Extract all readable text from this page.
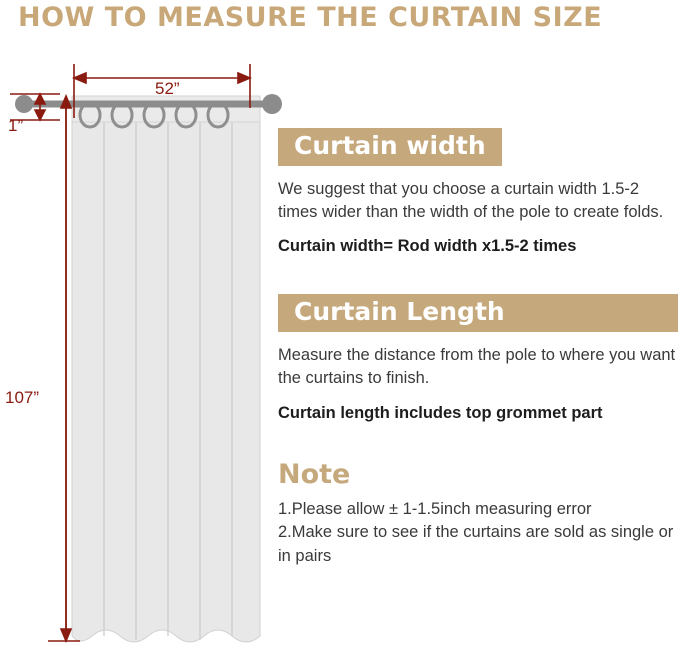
HOW TO MEASURE THE CURTAIN SIZE
52”
107”
1”
Curtain width
We suggest that you choose a curtain width 1.5-2 times wider than the width of the pole to create folds.
Curtain width= Rod width x1.5-2 times
Curtain Length
Measure the distance from the pole to where you want the curtains to finish.
Curtain length includes top grommet part
Note
1.Please allow ± 1-1.5inch measuring error
2.Make sure to see if the curtains are sold as single or in pairs
